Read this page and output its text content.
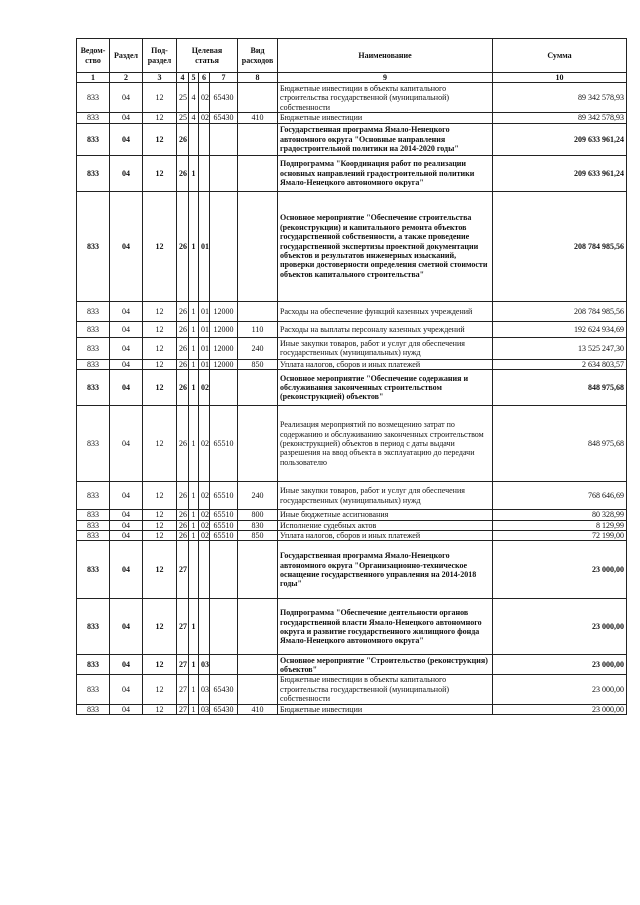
Ведом-ство	Раздел	Под-раздел	Целевая статья				Вид расходов	Наименование	Сумма
1	2	3	4	5	6	7	8	9	10
833	04	12	25	4	02	65430		Бюджетные инвестиции в объекты капитального строительства государственной (муниципальной) собственности	89 342 578,93
833	04	12	25	4	02	65430	410	Бюджетные инвестиции	89 342 578,93
833	04	12	26					Государственная программа Ямало-Ненецкого автономного округа "Основные направления градостроительной политики на 2014-2020 годы"	209 633 961,24
833	04	12	26	1				Подпрограмма "Координация работ по реализации основных направлений градостроительной политики Ямало-Ненецкого автономного округа"	209 633 961,24
833	04	12	26	1	01			Основное мероприятие "Обеспечение строительства (реконструкции) и капитального ремонта объектов государственной собственности, а также проведение государственной экспертизы проектной документации объектов и результатов инженерных изысканий, проверки достоверности определения сметной стоимости объектов капитального строительства"	208 784 985,56
833	04	12	26	1	01	12000		Расходы на обеспечение функций казенных учреждений	208 784 985,56
833	04	12	26	1	01	12000	110	Расходы на выплаты персоналу казенных учреждений	192 624 934,69
833	04	12	26	1	01	12000	240	Иные закупки товаров, работ и услуг для обеспечения государственных (муниципальных) нужд	13 525 247,30
833	04	12	26	1	01	12000	850	Уплата налогов, сборов и иных платежей	2 634 803,57
833	04	12	26	1	02			Основное мероприятие "Обеспечение содержания и обслуживания законченных строительством (реконструкцией) объектов"	848 975,68
833	04	12	26	1	02	65510		Реализация мероприятий по возмещению затрат по содержанию и обслуживанию законченных строительством (реконструкцией) объектов в период с даты выдачи разрешения на ввод объекта в эксплуатацию до передачи пользователю	848 975,68
833	04	12	26	1	02	65510	240	Иные закупки товаров, работ и услуг для обеспечения государственных (муниципальных) нужд	768 646,69
833	04	12	26	1	02	65510	800	Иные бюджетные ассигнования	80 328,99
833	04	12	26	1	02	65510	830	Исполнение судебных актов	8 129,99
833	04	12	26	1	02	65510	850	Уплата налогов, сборов и иных платежей	72 199,00
833	04	12	27					Государственная программа Ямало-Ненецкого автономного округа "Организационно-техническое оснащение государственного управления на 2014-2018 годы"	23 000,00
833	04	12	27	1				Подпрограмма "Обеспечение деятельности органов государственной власти Ямало-Ненецкого автономного округа и развитие государственного жилищного фонда Ямало-Ненецкого автономного округа"	23 000,00
833	04	12	27	1	03			Основное мероприятие "Строительство (реконструкция) объектов"	23 000,00
833	04	12	27	1	03	65430		Бюджетные инвестиции в объекты капитального строительства государственной (муниципальной) собственности	23 000,00
833	04	12	27	1	03	65430	410	Бюджетные инвестиции	23 000,00
